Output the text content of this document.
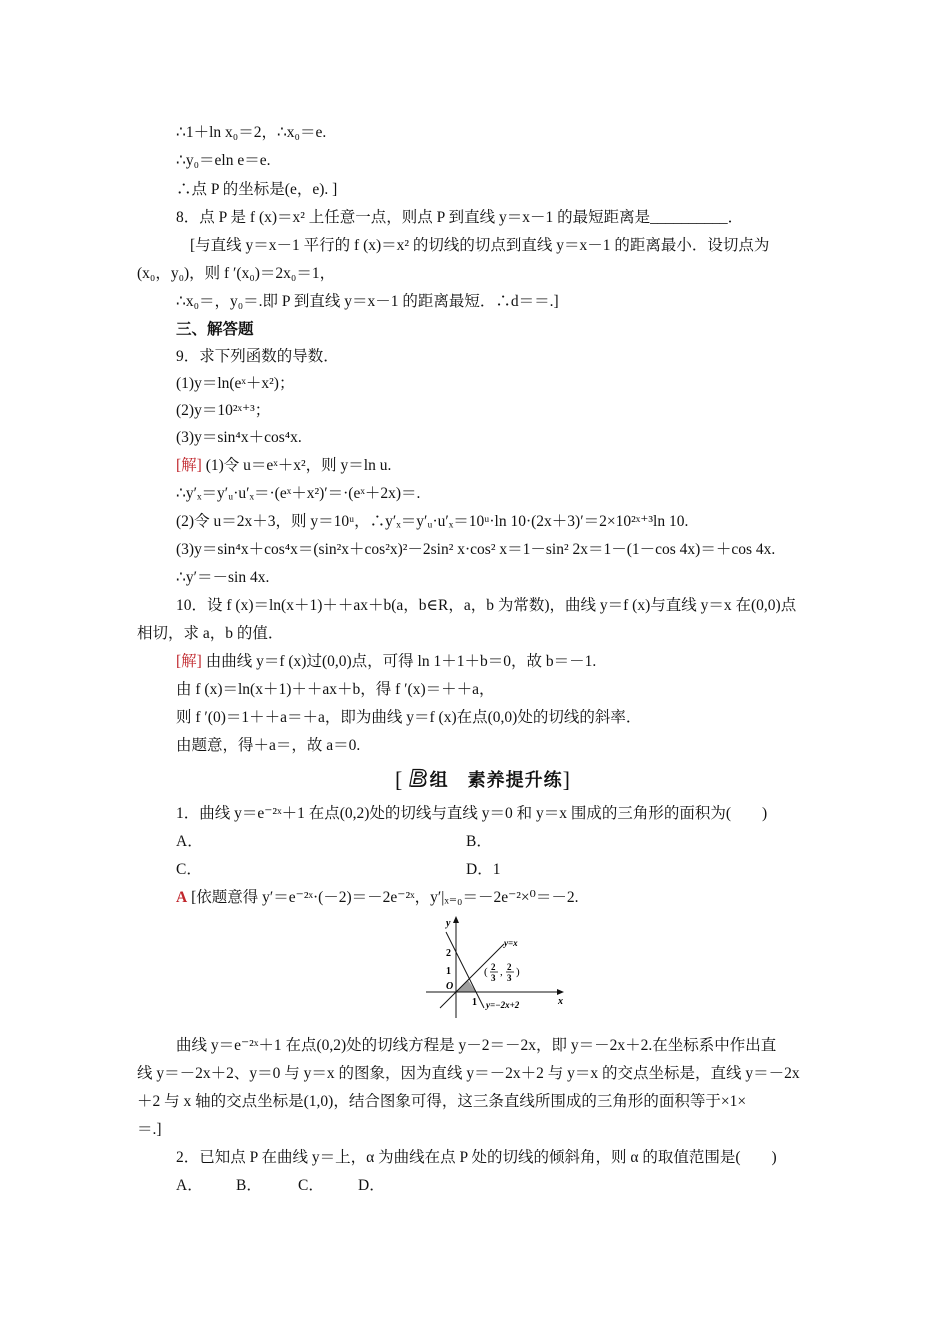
∴1＋ln x₀＝2，∴x₀＝e.
∴y₀＝eln e＝e.
∴点 P 的坐标是(e，e). ]
8．点 P 是 f (x)＝x² 上任意一点，则点 P 到直线 y＝x－1 的最短距离是__________．
[与直线 y＝x－1 平行的 f (x)＝x² 的切线的切点到直线 y＝x－1 的距离最小．设切点为
(x₀，y₀)，则 f ′(x₀)＝2x₀＝1，
∴x₀＝，y₀＝.即 P 到直线 y＝x－1 的距离最短．∴d＝＝.]
三、解答题
9．求下列函数的导数．
(1)y＝ln(eˣ＋x²)；
(2)y＝10²ˣ⁺³；
(3)y＝sin⁴x＋cos⁴x.
[解] (1)令 u＝eˣ＋x²，则 y＝ln u.
∴y′ₓ＝y′ᵤ·u′ₓ＝·(eˣ＋x²)′＝·(eˣ＋2x)＝.
(2)令 u＝2x＋3，则 y＝10ᵘ，∴y′ₓ＝y′ᵤ·u′ₓ＝10ᵘ·ln 10·(2x＋3)′＝2×10²ˣ⁺³ln 10.
(3)y＝sin⁴x＋cos⁴x＝(sin²x＋cos²x)²－2sin² x·cos² x＝1－sin² 2x＝1－(1－cos 4x)＝＋cos 4x.
∴y′＝－sin 4x.
10．设 f (x)＝ln(x＋1)＋＋ax＋b(a，b∈R，a，b 为常数)，曲线 y＝f (x)与直线 y＝x 在(0,0)点
相切，求 a，b 的值．
[解] 由曲线 y＝f (x)过(0,0)点，可得 ln 1＋1＋b＝0，故 b＝－1.
由 f (x)＝ln(x＋1)＋＋ax＋b，得 f ′(x)＝＋＋a，
则 f ′(0)＝1＋＋a＝＋a，即为曲线 y＝f (x)在点(0,0)处的切线的斜率．
由题意，得＋a＝，故 a＝0.
[ B 组　素养提升练]
1．曲线 y＝e⁻²ˣ＋1 在点(0,2)处的切线与直线 y＝0 和 y＝x 围成的三角形的面积为(　　)
A．	B．
C．	D．1
A [依题意得 y′＝e⁻²ˣ·(－2)＝－2e⁻²ˣ，y′|ₓ₌₀＝－2e⁻²×⁰＝－2.
y
x
O
2
1
1
y=x
y=−2x+2
( 2
3 , 2
3 )
曲线 y＝e⁻²ˣ＋1 在点(0,2)处的切线方程是 y－2＝－2x，即 y＝－2x＋2.在坐标系中作出直
线 y＝－2x＋2、y＝0 与 y＝x 的图象，因为直线 y＝－2x＋2 与 y＝x 的交点坐标是，直线 y＝－2x
＋2 与 x 轴的交点坐标是(1,0)，结合图象可得，这三条直线所围成的三角形的面积等于×1×
＝.]
2．已知点 P 在曲线 y＝上，α 为曲线在点 P 处的切线的倾斜角，则 α 的取值范围是(　　)
A． B． C． D．
